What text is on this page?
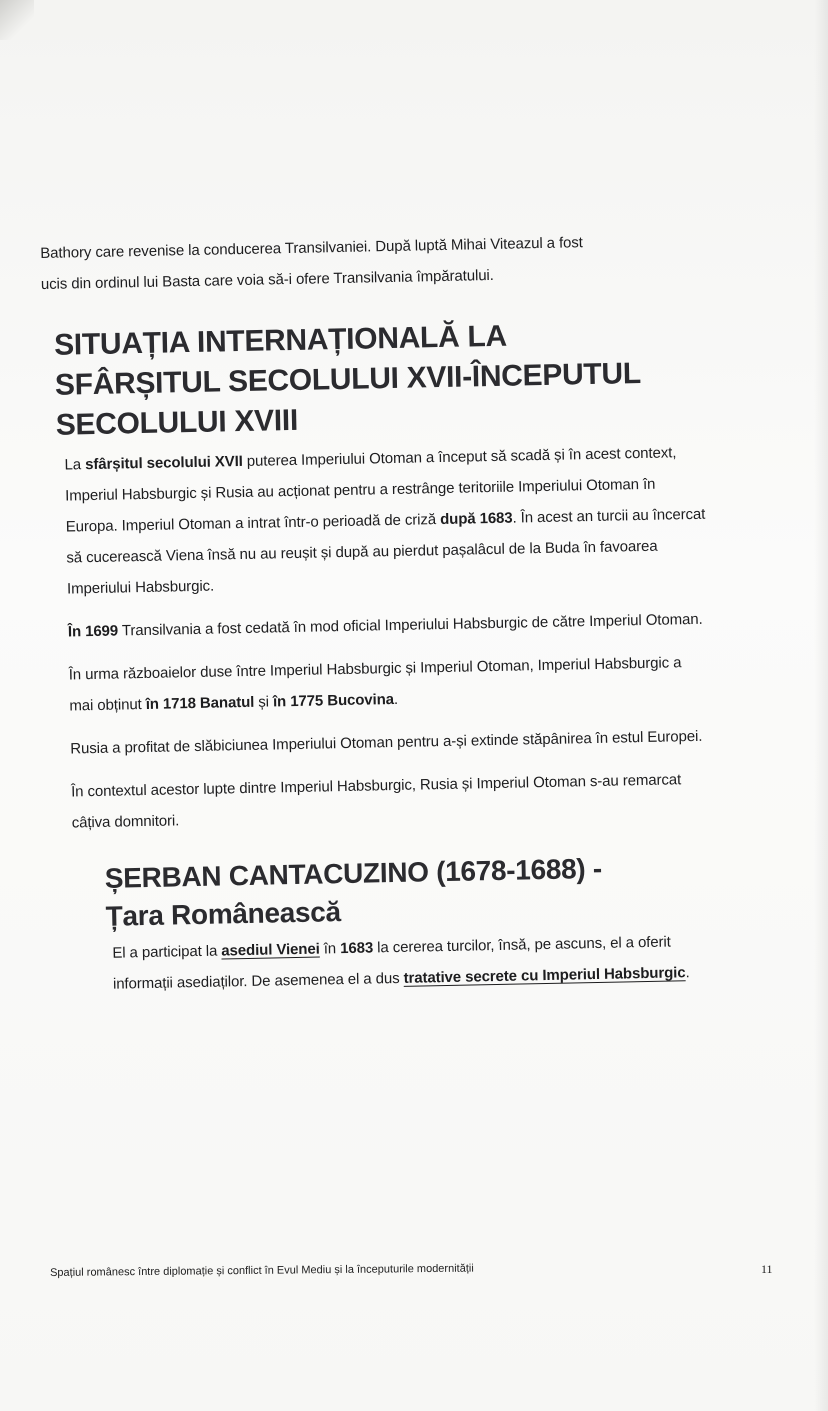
Bathory care revenise la conducerea Transilvaniei. După luptă Mihai Viteazul a fost
ucis din ordinul lui Basta care voia să-i ofere Transilvania împăratului.

SITUAȚIA INTERNAȚIONALĂ LA
SFÂRȘITUL SECOLULUI XVII-ÎNCEPUTUL
SECOLULUI XVIII

La sfârșitul secolului XVII puterea Imperiului Otoman a început să scadă și în acest context, Imperiul Habsburgic și Rusia au acționat pentru a restrânge teritoriile Imperiului Otoman în Europa. Imperiul Otoman a intrat într-o perioadă de criză după 1683. În acest an turcii au încercat să cucerească Viena însă nu au reușit și după au pierdut pașalâcul de la Buda în favoarea Imperiului Habsburgic.

În 1699 Transilvania a fost cedată în mod oficial Imperiului Habsburgic de către Imperiul Otoman.

În urma războaielor duse între Imperiul Habsburgic și Imperiul Otoman, Imperiul Habsburgic a mai obținut în 1718 Banatul și în 1775 Bucovina.

Rusia a profitat de slăbiciunea Imperiului Otoman pentru a-și extinde stăpânirea în estul Europei.

În contextul acestor lupte dintre Imperiul Habsburgic, Rusia și Imperiul Otoman s-au remarcat câțiva domnitori.

ȘERBAN CANTACUZINO (1678-1688) -
Țara Românească

El a participat la asediul Vienei în 1683 la cererea turcilor, însă, pe ascuns, el a oferit informații asediaților. De asemenea el a dus tratative secrete cu Imperiul Habsburgic.

Spațiul românesc între diplomație și conflict în Evul Mediu și la începuturile modernității	11
